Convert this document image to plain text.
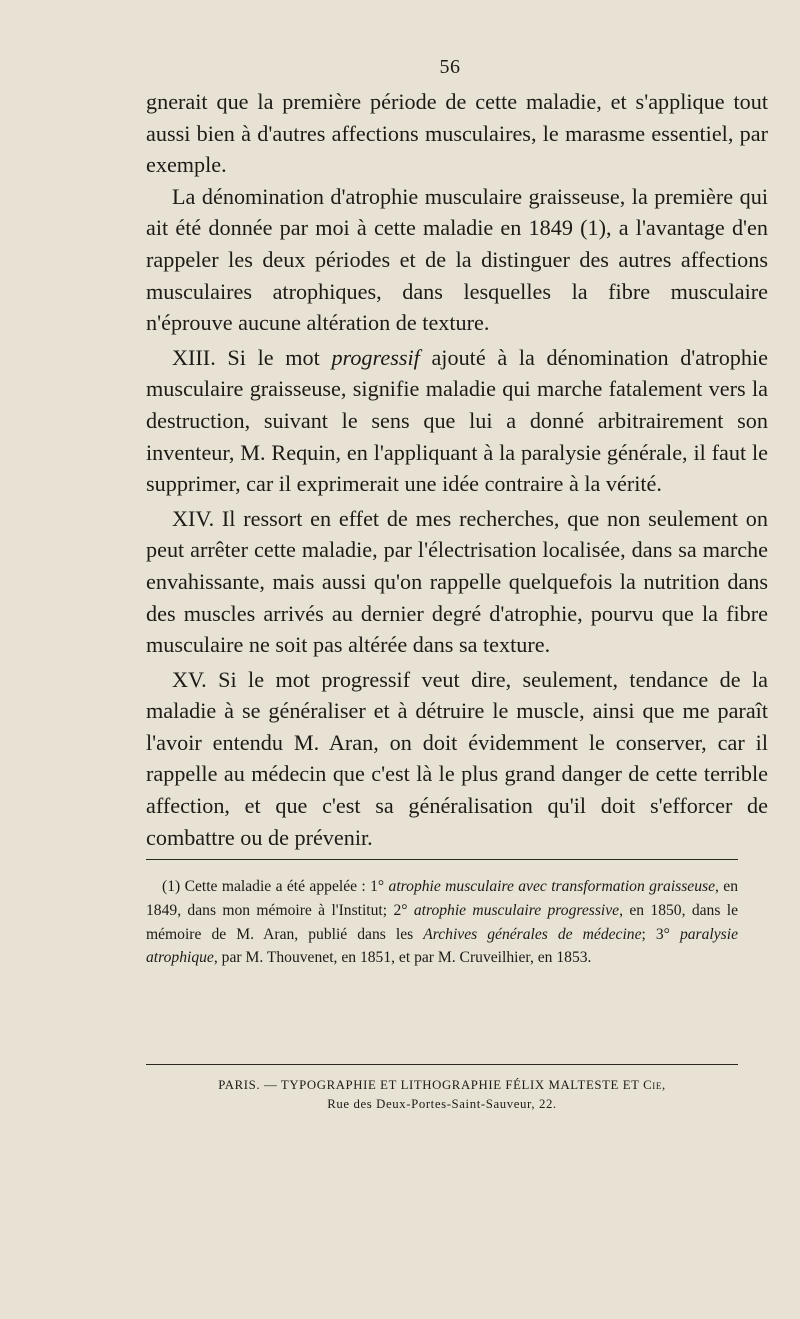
56

gnerait que la première période de cette maladie, et s'applique tout aussi bien à d'autres affections musculaires, le marasme essentiel, par exemple.

La dénomination d'atrophie musculaire graisseuse, la première qui ait été donnée par moi à cette maladie en 1849 (1), a l'avantage d'en rappeler les deux périodes et de la distinguer des autres affections musculaires atrophiques, dans lesquelles la fibre musculaire n'éprouve aucune altération de texture.

XIII. Si le mot progressif ajouté à la dénomination d'atrophie musculaire graisseuse, signifie maladie qui marche fatalement vers la destruction, suivant le sens que lui a donné arbitrairement son inventeur, M. Requin, en l'appliquant à la paralysie générale, il faut le supprimer, car il exprimerait une idée contraire à la vérité.

XIV. Il ressort en effet de mes recherches, que non seulement on peut arrêter cette maladie, par l'électrisation localisée, dans sa marche envahissante, mais aussi qu'on rappelle quelquefois la nutrition dans des muscles arrivés au dernier degré d'atrophie, pourvu que la fibre musculaire ne soit pas altérée dans sa texture.

XV. Si le mot progressif veut dire, seulement, tendance de la maladie à se généraliser et à détruire le muscle, ainsi que me paraît l'avoir entendu M. Aran, on doit évidemment le conserver, car il rappelle au médecin que c'est là le plus grand danger de cette terrible affection, et que c'est sa généralisation qu'il doit s'efforcer de combattre ou de prévenir.

(1) Cette maladie a été appelée : 1° atrophie musculaire avec transformation graisseuse, en 1849, dans mon mémoire à l'Institut; 2° atrophie musculaire progressive, en 1850, dans le mémoire de M. Aran, publié dans les Archives générales de médecine; 3° paralysie atrophique, par M. Thouvenet, en 1851, et par M. Cruveilhier, en 1853.

PARIS. — TYPOGRAPHIE ET LITHOGRAPHIE FÉLIX MALTESTE ET Cie,
Rue des Deux-Portes-Saint-Sauveur, 22.
